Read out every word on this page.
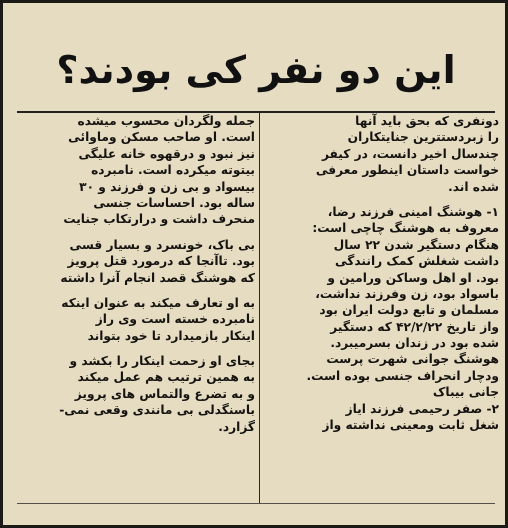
این دو نفر کی بودند؟
دونفری که بحق باید آنها
را زبردستترین جنایتکاران
چندسال اخیر دانست، در کیفر
خواست داستان اینطور معرفی
شده اند.
۱- هوشنگ امینی فرزند رضا،
معروف به هوشنگ چاچی است:
هنگام دستگیر شدن ۲۲ سال
داشت شغلش کمک رانندگی
بود. او اهل وساکن ورامین و
باسواد بود، زن وفرزند نداشت،
مسلمان و تابع دولت ایران بود
واز تاریخ ۴۲/۲/۲۲ که دستگیر
شده بود در زندان بسرمیبرد.
هوشنگ جوانی شهرت پرست
ودچار انحراف جنسی بوده است.
جانی بیباک
۲- صفر رحیمی فرزند ایاز
شغل ثابت ومعینی نداشته واز
جمله ولگردان محسوب میشده
است. او صاحب مسکن وماوائی
نیز نبود و درقهوه خانه علیگی
بیتوته میکرده است. نامبرده
بیسواد و بی زن و فرزند و ۳۰
ساله بود. احساسات جنسی
منحرف داشت و درارتکاب جنایت
بی باک، خونسرد و بسیار قسی
بود. تاآنجا که درمورد قتل پرویز
که هوشنگ قصد انجام آنرا داشته
به او تعارف میکند به عنوان اینکه
نامبرده خسته است وی راز
اینکار بازمیدارد تا خود بتواند
بجای او زحمت اینکار را بکشد و
به همین ترتیب هم عمل میکند
و به تضرع والتماس های پرویز
باسنگدلی بی مانندی وقعی نمی-
گزارد.
